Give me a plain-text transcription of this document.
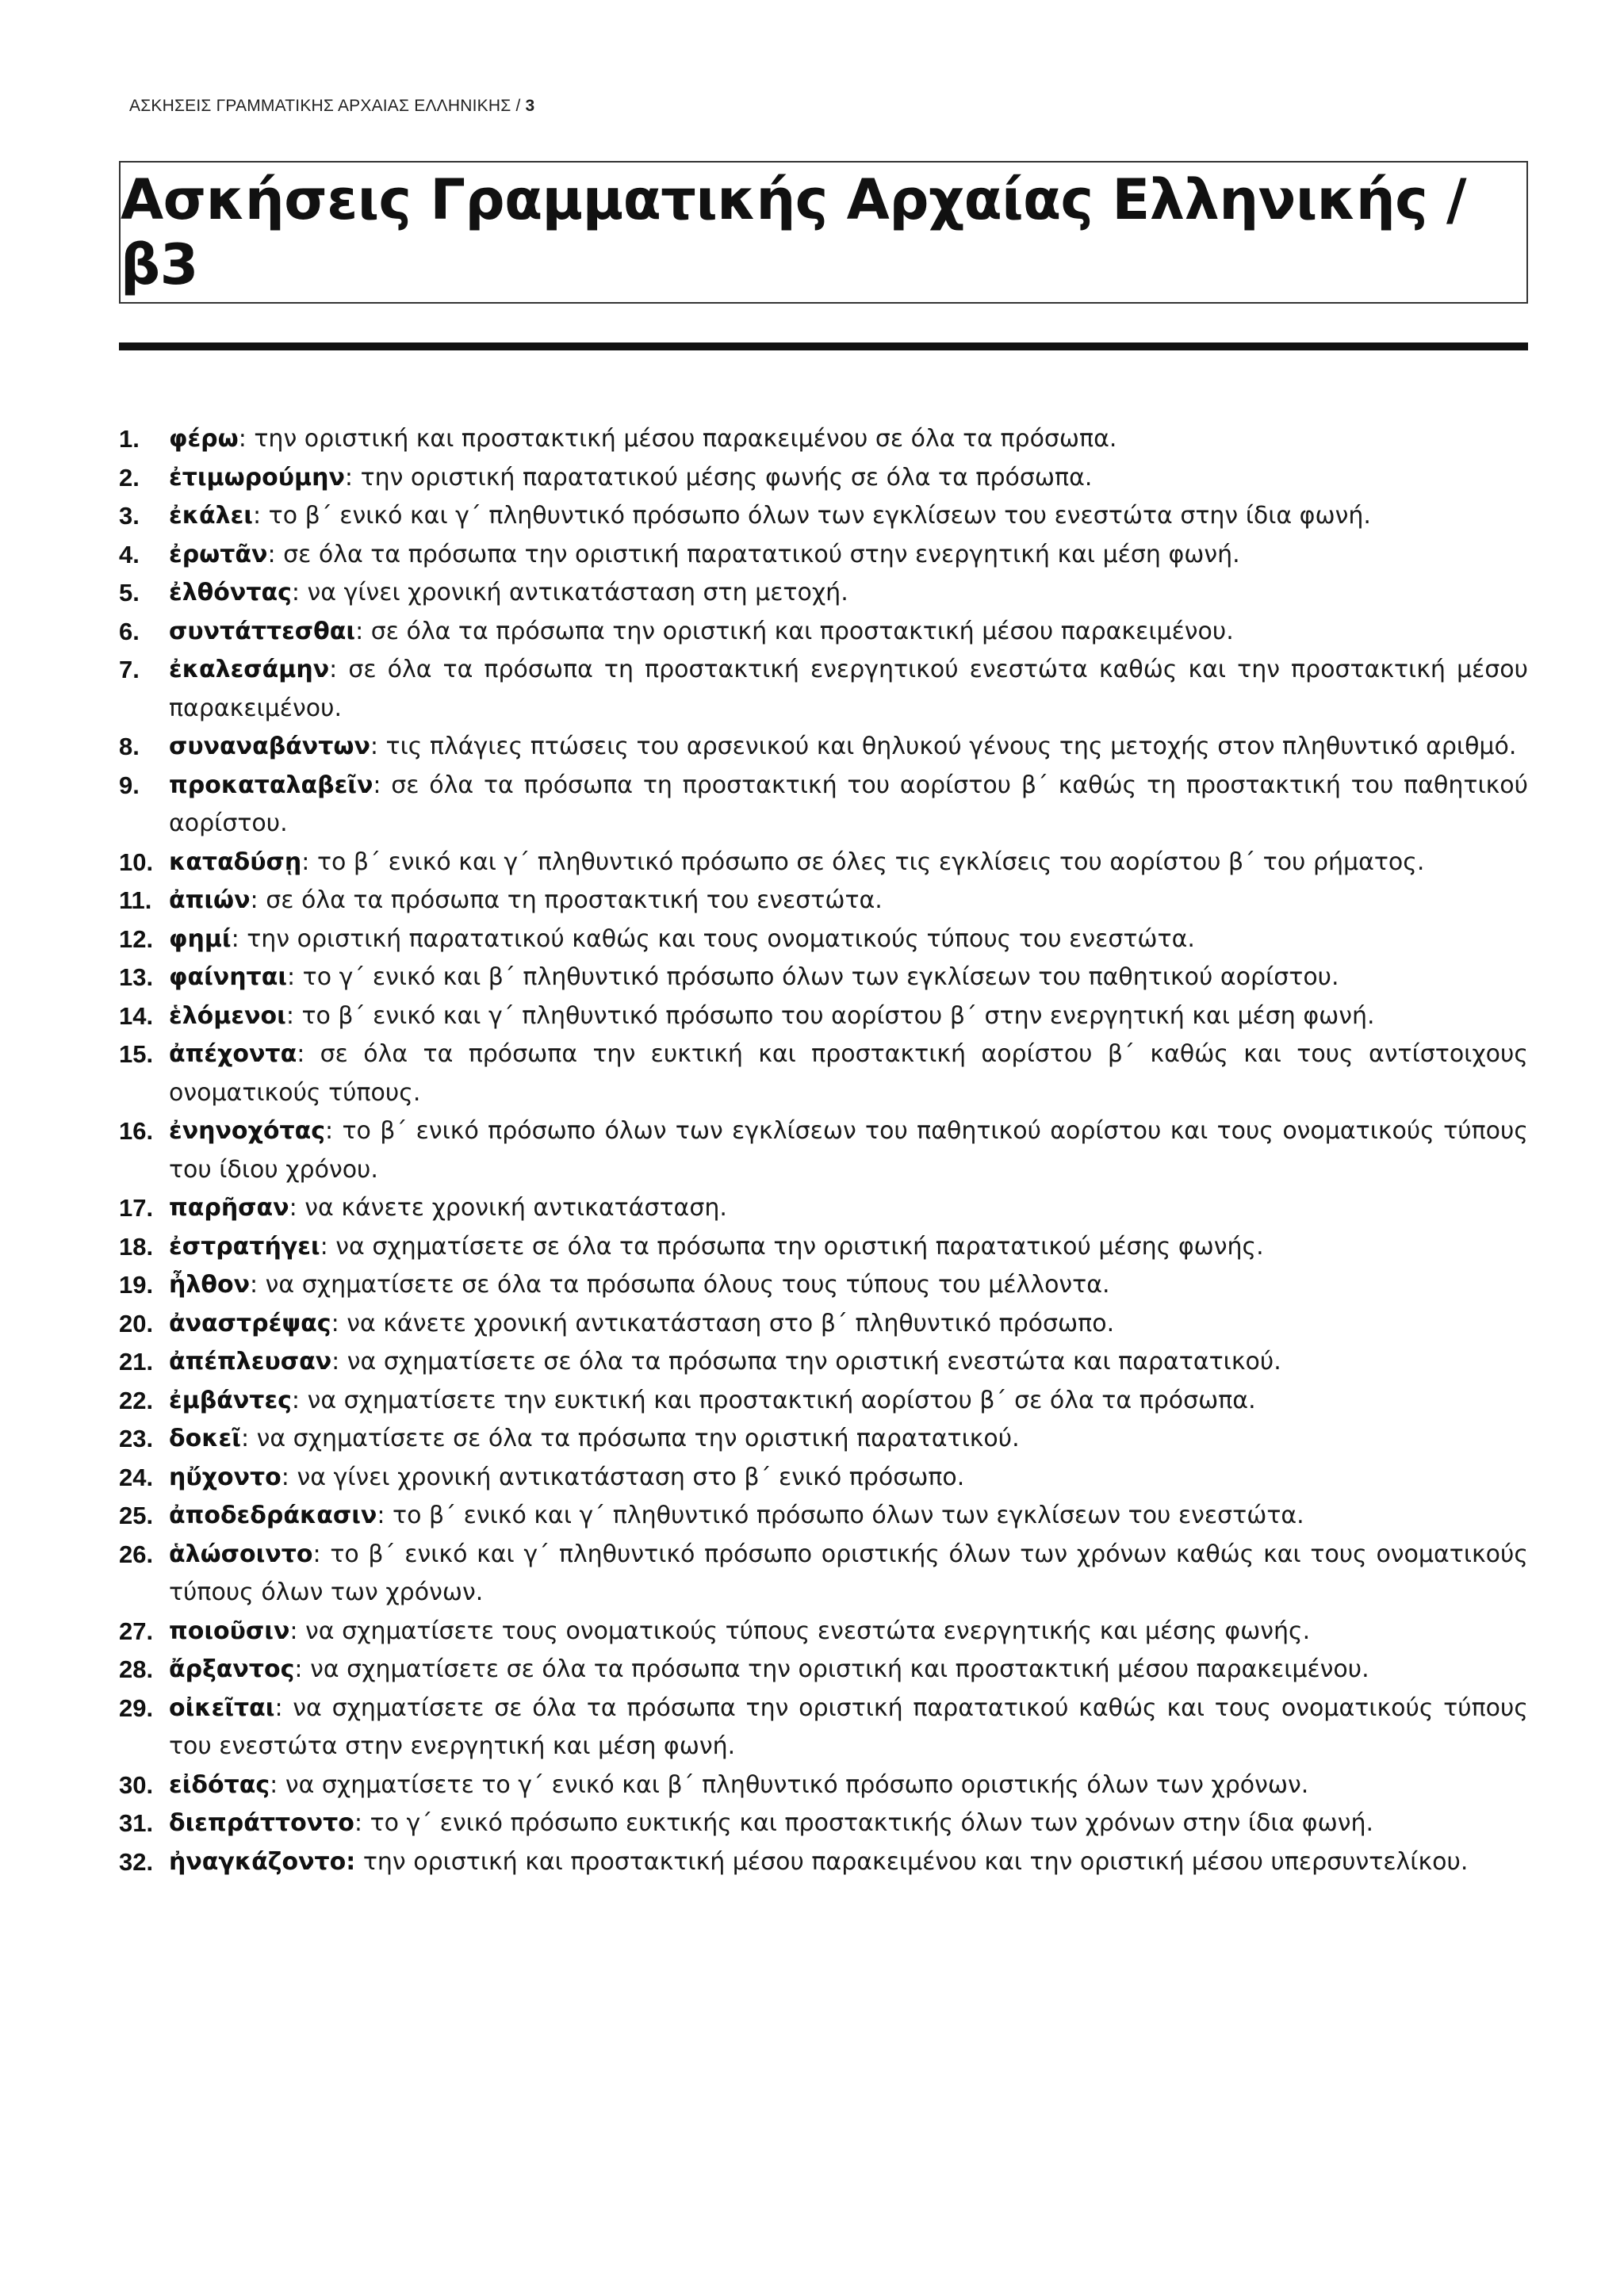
ΑΣΚΗΣΕΙΣ ΓΡΑΜΜΑΤΙΚΗΣ ΑΡΧΑΙΑΣ ΕΛΛΗΝΙΚΗΣ / 3
Ασκήσεις Γραμματικής Αρχαίας Ελληνικής /β3
1. φέρω: την οριστική και προστακτική μέσου παρακειμένου σε όλα τα πρόσωπα.
2. ἐτιμωρούμην: την οριστική παρατατικού μέσης φωνής σε όλα τα πρόσωπα.
3. ἐκάλει: το β΄ ενικό και γ΄ πληθυντικό πρόσωπο όλων των εγκλίσεων του ενεστώτα στην ίδια φωνή.
4. ἐρωτᾶν: σε όλα τα πρόσωπα την οριστική παρατατικού στην ενεργητική και μέση φωνή.
5. ἐλθόντας: να γίνει χρονική αντικατάσταση στη μετοχή.
6. συντάττεσθαι: σε όλα τα πρόσωπα την οριστική και προστακτική μέσου παρακειμένου.
7. ἐκαλεσάμην: σε όλα τα πρόσωπα τη προστακτική ενεργητικού ενεστώτα καθώς και την προστακτική μέσου παρακειμένου.
8. συναναβάντων: τις πλάγιες πτώσεις του αρσενικού και θηλυκού γένους της μετοχής στον πληθυντικό αριθμό.
9. προκαταλαβεῖν: σε όλα τα πρόσωπα τη προστακτική του αορίστου β΄ καθώς τη προστακτική του παθητικού αορίστου.
10. καταδύσῃ: το β΄ ενικό και γ΄ πληθυντικό πρόσωπο σε όλες τις εγκλίσεις του αορίστου β΄ του ρήματος.
11. ἀπιών: σε όλα τα πρόσωπα τη προστακτική του ενεστώτα.
12. φημί: την οριστική παρατατικού καθώς και τους ονοματικούς τύπους του ενεστώτα.
13. φαίνηται: το γ΄ ενικό και β΄ πληθυντικό πρόσωπο όλων των εγκλίσεων του παθητικού αορίστου.
14. ἑλόμενοι: το β΄ ενικό και γ΄ πληθυντικό πρόσωπο του αορίστου β΄ στην ενεργητική και μέση φωνή.
15. ἀπέχοντα: σε όλα τα πρόσωπα την ευκτική και προστακτική αορίστου β΄ καθώς και τους αντίστοιχους ονοματικούς τύπους.
16. ἐνηνοχότας: το β΄ ενικό πρόσωπο όλων των εγκλίσεων του παθητικού αορίστου και τους ονοματικούς τύπους του ίδιου χρόνου.
17. παρῆσαν: να κάνετε χρονική αντικατάσταση.
18. ἐστρατήγει: να σχηματίσετε σε όλα τα πρόσωπα την οριστική παρατατικού μέσης φωνής.
19. ἦλθον: να σχηματίσετε σε όλα τα πρόσωπα όλους τους τύπους του μέλλοντα.
20. ἀναστρέψας: να κάνετε χρονική αντικατάσταση στο β΄ πληθυντικό πρόσωπο.
21. ἀπέπλευσαν: να σχηματίσετε σε όλα τα πρόσωπα την οριστική ενεστώτα και παρατατικού.
22. ἐμβάντες: να σχηματίσετε την ευκτική και προστακτική αορίστου β΄ σε όλα τα πρόσωπα.
23. δοκεῖ: να σχηματίσετε σε όλα τα πρόσωπα την οριστική παρατατικού.
24. ηὔχοντο: να γίνει χρονική αντικατάσταση στο β΄ ενικό πρόσωπο.
25. ἀποδεδράκασιν: το β΄ ενικό και γ΄ πληθυντικό πρόσωπο όλων των εγκλίσεων του ενεστώτα.
26. ἁλώσοιντο: το β΄ ενικό και γ΄ πληθυντικό πρόσωπο οριστικής όλων των χρόνων καθώς και τους ονοματικούς τύπους όλων των χρόνων.
27. ποιοῦσιν: να σχηματίσετε τους ονοματικούς τύπους ενεστώτα ενεργητικής και μέσης φωνής.
28. ἄρξαντος: να σχηματίσετε σε όλα τα πρόσωπα την οριστική και προστακτική μέσου παρακειμένου.
29. οἰκεῖται: να σχηματίσετε σε όλα τα πρόσωπα την οριστική παρατατικού καθώς και τους ονοματικούς τύπους του ενεστώτα στην ενεργητική και μέση φωνή.
30. εἰδότας: να σχηματίσετε το γ΄ ενικό και β΄ πληθυντικό πρόσωπο οριστικής όλων των χρόνων.
31. διεπράττοντο: το γ΄ ενικό πρόσωπο ευκτικής και προστακτικής όλων των χρόνων στην ίδια φωνή.
32. ἠναγκάζοντο: την οριστική και προστακτική μέσου παρακειμένου και την οριστική μέσου υπερσυντελίκου.
